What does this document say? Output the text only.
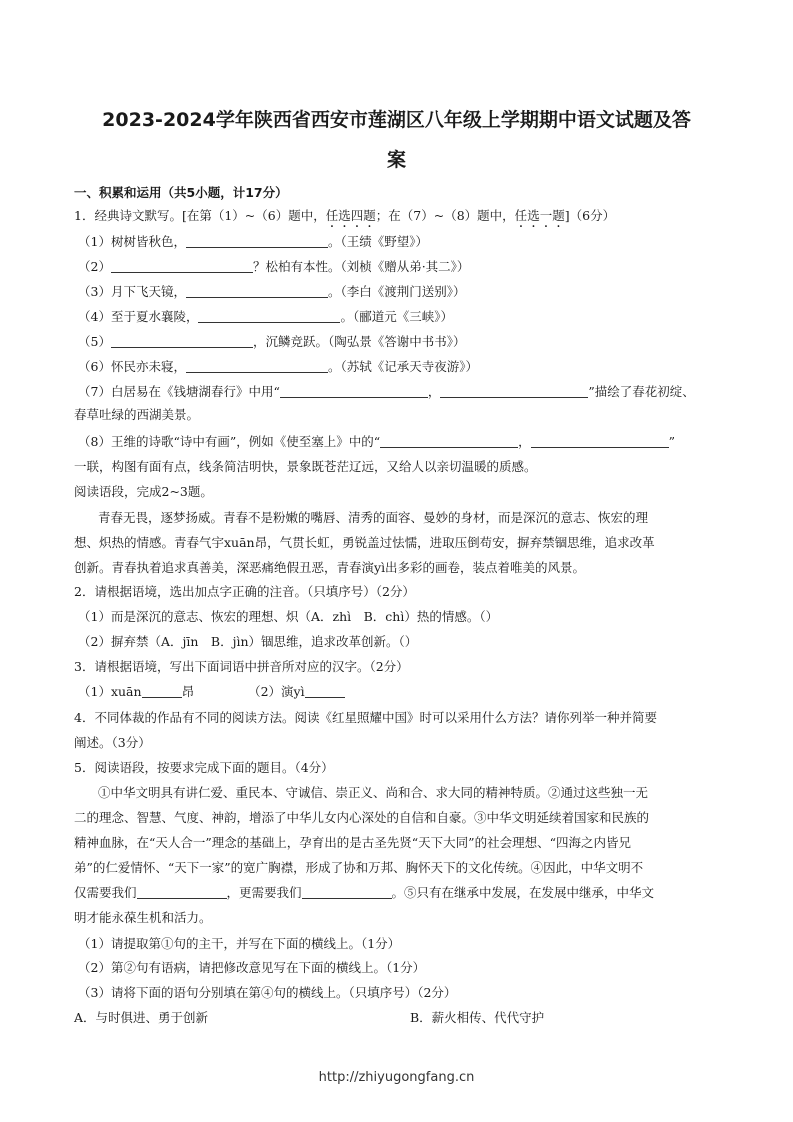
2023-2024学年陕西省西安市莲湖区八年级上学期期中语文试题及答
案
一、积累和运用（共5小题，计17分）
1．经典诗文默写。[在第（1）~（6）题中，任选四题；在（7）~（8）题中，任选一题]（6分）
（1）树树皆秋色，	。（王绩《野望》）
（2）	？松柏有本性。（刘桢《赠从弟·其二》）
（3）月下飞天镜，	。（李白《渡荆门送别》）
（4）至于夏水襄陵，	。（郦道元《三峡》）
（5）	，沉鳞竞跃。（陶弘景《答谢中书书》）
（6）怀民亦未寝，	。（苏轼《记承天寺夜游》）
（7）白居易在《钱塘湖春行》中用“	，	”描绘了春花初绽、
春草吐绿的西湖美景。
（8）王维的诗歌“诗中有画”，例如《使至塞上》中的“	，	”
一联，构图有面有点，线条简洁明快，景象既苍茫辽远，又给人以亲切温暖的质感。
阅读语段，完成2~3题。
青春无畏，逐梦扬威。青春不是粉嫩的嘴唇、清秀的面容、曼妙的身材，而是深沉的意志、恢宏的理
想、炽热的情感。青春气宇xuān昂，气贯长虹，勇锐盖过怯懦，进取压倒苟安，摒弃禁锢思维，追求改革
创新。青春执着追求真善美，深恶痛绝假丑恶，青春演yì出多彩的画卷，装点着唯美的风景。
2．请根据语境，选出加点字正确的注音。（只填序号）（2分）
（1）而是深沉的意志、恢宏的理想、炽（A．zhì　B．chì）热的情感。（）
（2）摒弃禁（A．jīn　B．jìn）锢思维，追求改革创新。（）
3．请根据语境，写出下面词语中拼音所对应的汉字。（2分）
（1）xuān	昂	（2）演yì
4．不同体裁的作品有不同的阅读方法。阅读《红星照耀中国》时可以采用什么方法？请你列举一种并简要
阐述。（3分）
5．阅读语段，按要求完成下面的题目。（4分）
①中华文明具有讲仁爱、重民本、守诚信、崇正义、尚和合、求大同的精神特质。②通过这些独一无
二的理念、智慧、气度、神韵，增添了中华儿女内心深处的自信和自豪。③中华文明延续着国家和民族的
精神血脉，在“天人合一”理念的基础上，孕育出的是古圣先贤“天下大同”的社会理想、“四海之内皆兄
弟”的仁爱情怀、“天下一家”的宽广胸襟，形成了协和万邦、胸怀天下的文化传统。④因此，中华文明不
仅需要我们	，更需要我们	。⑤只有在继承中发展，在发展中继承，中华文
明才能永葆生机和活力。
（1）请提取第①句的主干，并写在下面的横线上。（1分）
（2）第②句有语病，请把修改意见写在下面的横线上。（1分）
（3）请将下面的语句分别填在第④句的横线上。（只填序号）（2分）
A．与时俱进、勇于创新	B．薪火相传、代代守护
http://zhiyugongfang.cn
